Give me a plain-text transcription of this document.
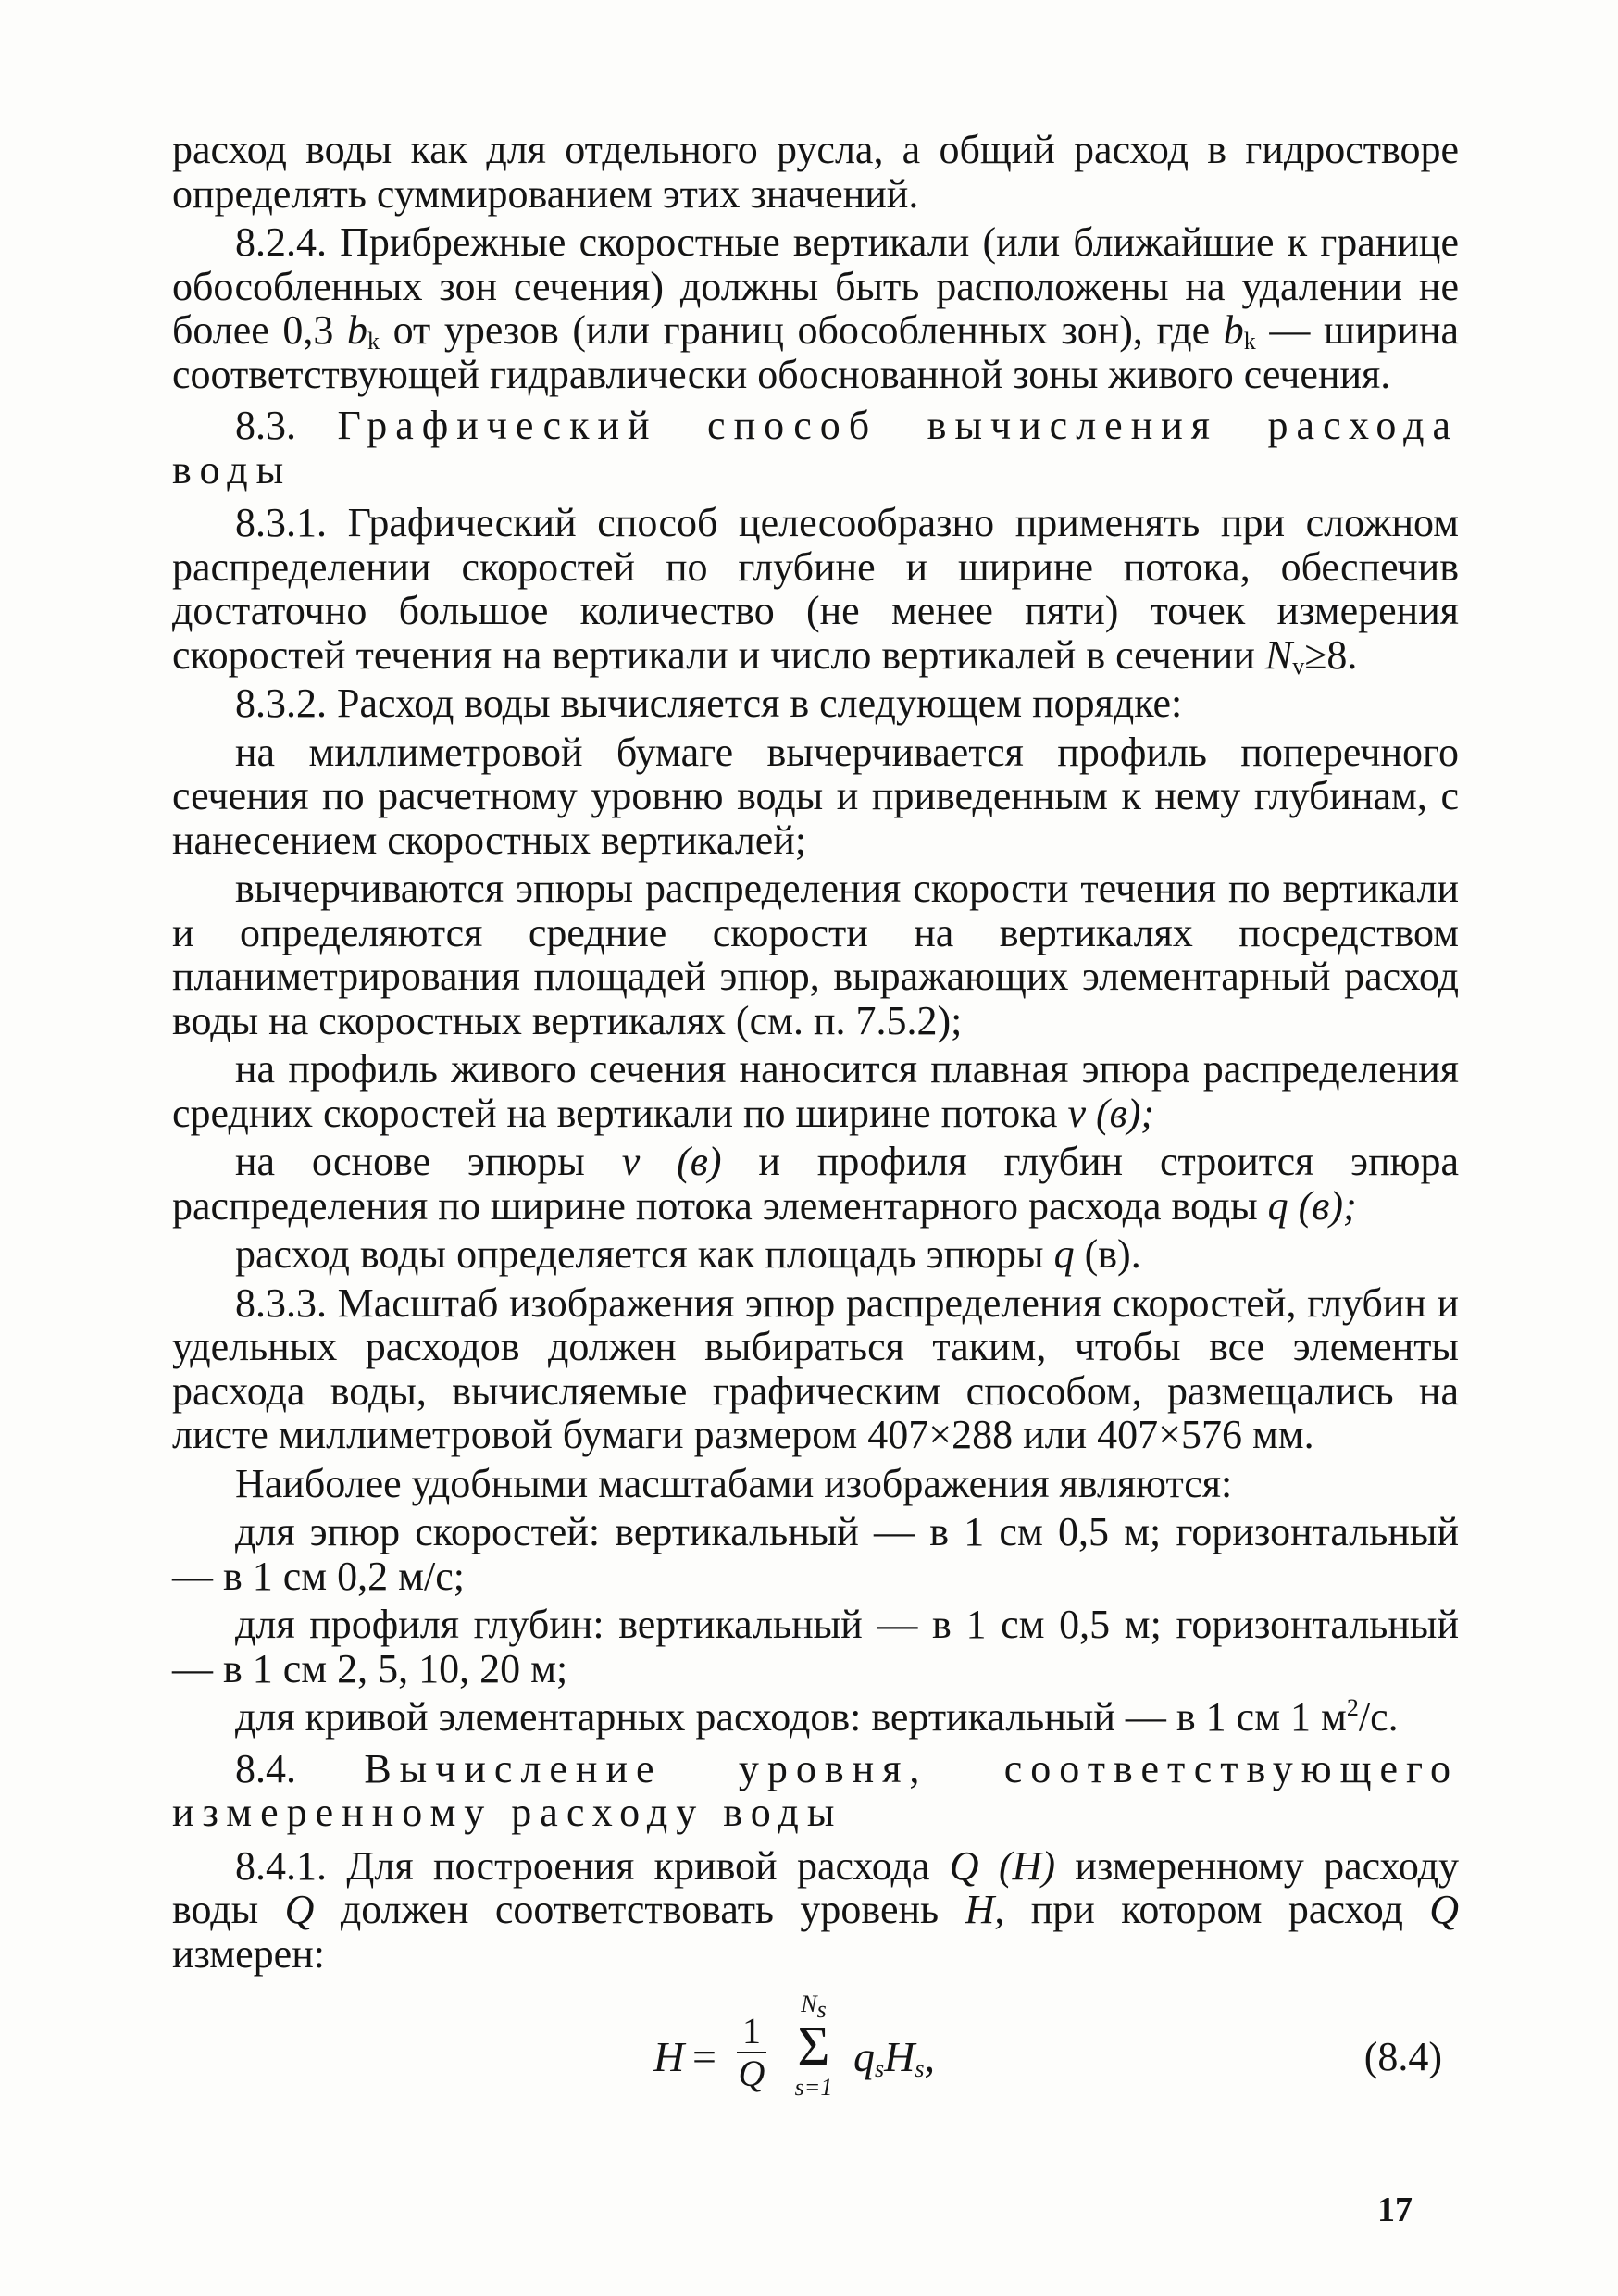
расход воды как для отдельного русла, а общий расход в гидроcтворе определять суммированием этих значений.

8.2.4. Прибрежные скоростные вертикали (или ближайшие к границе обособленных зон сечения) должны быть расположены на удалении не более 0,3 $b_k$ от урезов (или границ обособленных зон), где $b_k$ — ширина соответствующей гидравлически обоснованной зоны живого сечения.

8.3. Графический способ вычисления расхода воды

8.3.1. Графический способ целесообразно применять при сложном распределении скоростей по глубине и ширине потока, обеспечив достаточно большое количество (не менее пяти) точек измерения скоростей течения на вертикали и число вертикалей в сечении $N_v\ge 8$.

8.3.2. Расход воды вычисляется в следующем порядке:

на миллиметровой бумаге вычерчивается профиль поперечного сечения по расчетному уровню воды и приведенным к нему глубинам, с нанесением скоростных вертикалей;

вычерчиваются эпюры распределения скорости течения по вертикали и определяются средние скорости на вертикалях посредством планиметрирования площадей эпюр, выражающих элементарный расход воды на скоростных вертикалях (см. п. 7.5.2);

на профиль живого сечения наносится плавная эпюра распределения средних скоростей на вертикали по ширине потока v (в);

на основе эпюры v (в) и профиля глубин строится эпюра распределения по ширине потока элементарного расхода воды q (в);

расход воды определяется как площадь эпюры q (в).

8.3.3. Масштаб изображения эпюр распределения скоростей, глубин и удельных расходов должен выбираться таким, чтобы все элементы расхода воды, вычисляемые графическим способом, размещались на листе миллиметровой бумаги размером 407×288 или 407×576 мм.

Наиболее удобными масштабами изображения являются:

для эпюр скоростей: вертикальный — в 1 см 0,5 м; горизонтальный — в 1 см 0,2 м/с;

для профиля глубин: вертикальный — в 1 см 0,5 м; горизонтальный — в 1 см 2, 5, 10, 20 м;

для кривой элементарных расходов: вертикальный — в 1 см 1 $м^2/с$.

8.4. Вычисление уровня, соответствующего измеренному расходу воды

8.4.1. Для построения кривой расхода Q (H) измеренному расходу воды Q должен соответствовать уровень H, при котором расход Q измерен:

H =
1
Q
$N_s$
Σ
s=1
$q_sH_s$,	(8.4)
17
